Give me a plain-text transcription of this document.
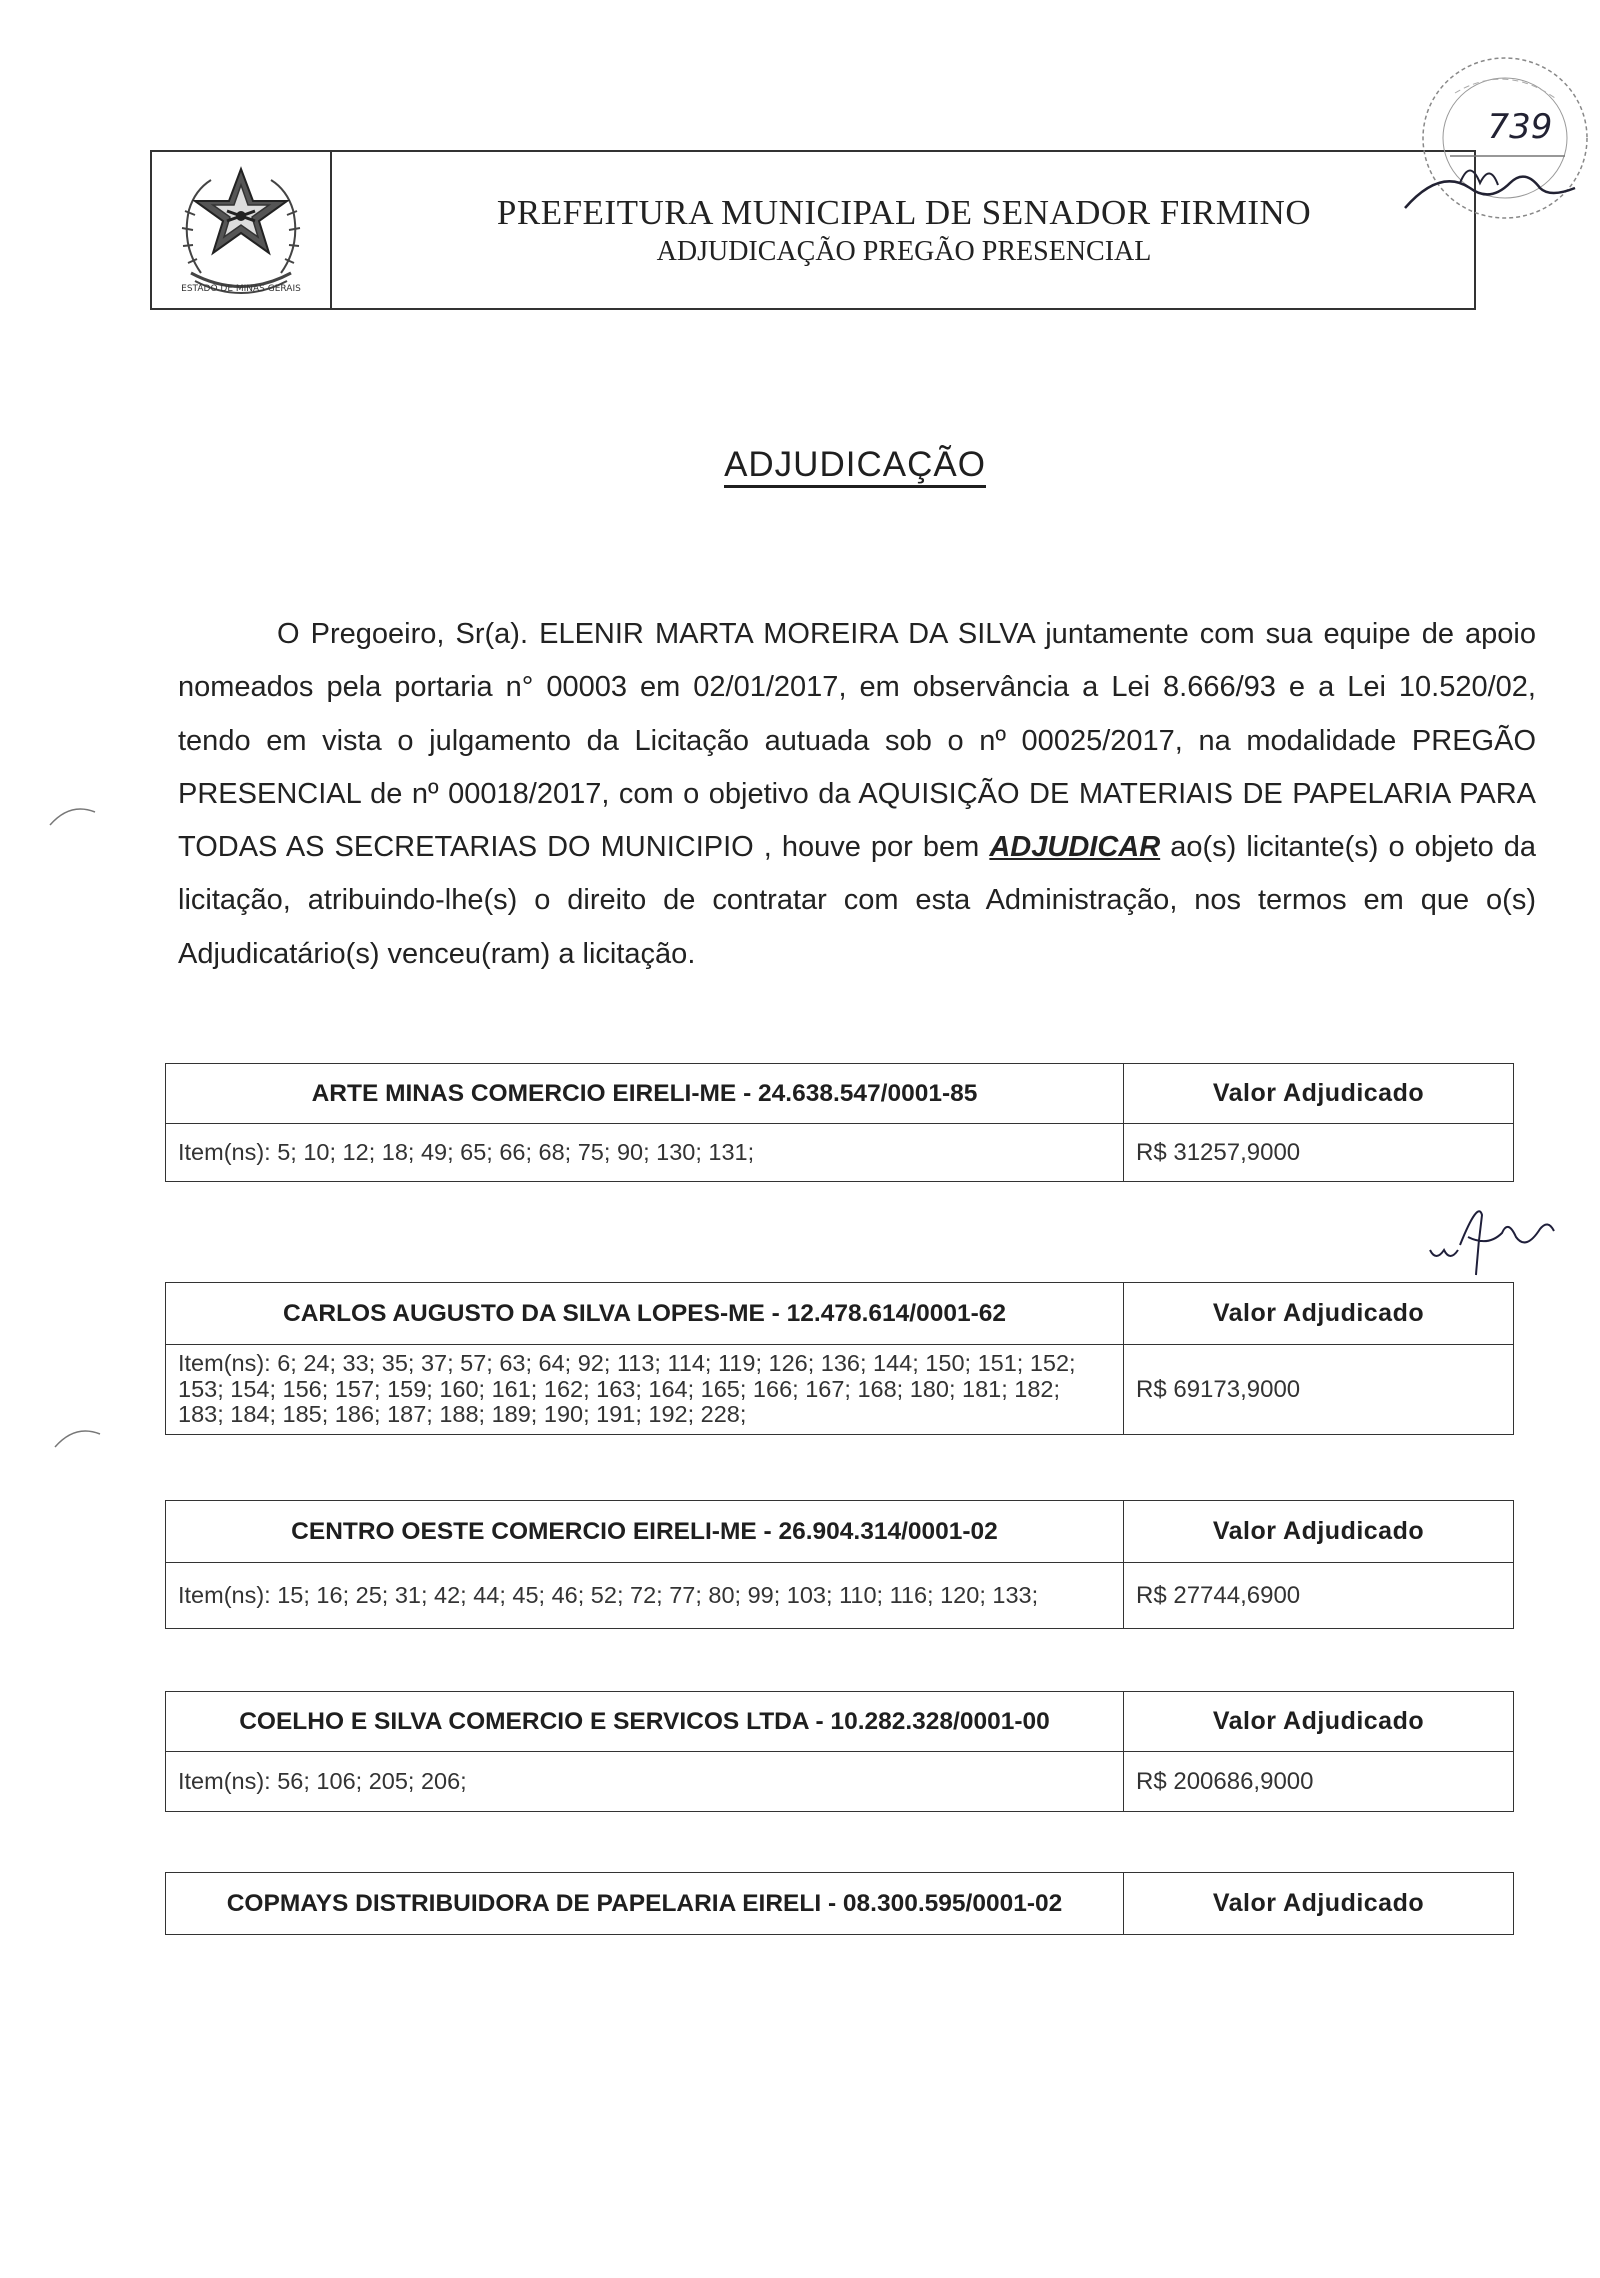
ESTADO DE MINAS GERAIS
PREFEITURA MUNICIPAL DE SENADOR FIRMINO
ADJUDICAÇÃO PREGÃO PRESENCIAL
739
ADJUDICAÇÃO
O Pregoeiro, Sr(a). ELENIR MARTA MOREIRA DA SILVA juntamente com sua equipe de apoio nomeados pela portaria n° 00003 em 02/01/2017, em observância a Lei 8.666/93 e a Lei 10.520/02, tendo em vista o julgamento da Licitação autuada sob o nº 00025/2017, na modalidade PREGÃO PRESENCIAL de nº 00018/2017, com o objetivo da AQUISIÇÃO DE MATERIAIS DE PAPELARIA PARA TODAS AS SECRETARIAS DO MUNICIPIO , houve por bem ADJUDICAR ao(s) licitante(s) o objeto da licitação, atribuindo-lhe(s) o direito de contratar com esta Administração, nos termos em que o(s) Adjudicatário(s) venceu(ram) a licitação.
ARTE MINAS COMERCIO EIRELI-ME - 24.638.547/0001-85	Valor Adjudicado
Item(ns): 5; 10; 12; 18; 49; 65; 66; 68; 75; 90; 130; 131;	R$ 31257,9000
CARLOS AUGUSTO DA SILVA LOPES-ME - 12.478.614/0001-62	Valor Adjudicado
Item(ns): 6; 24; 33; 35; 37; 57; 63; 64; 92; 113; 114; 119; 126; 136; 144; 150; 151; 152; 153; 154; 156; 157; 159; 160; 161; 162; 163; 164; 165; 166; 167; 168; 180; 181; 182; 183; 184; 185; 186; 187; 188; 189; 190; 191; 192; 228;	R$ 69173,9000
CENTRO OESTE COMERCIO EIRELI-ME - 26.904.314/0001-02	Valor Adjudicado
Item(ns): 15; 16; 25; 31; 42; 44; 45; 46; 52; 72; 77; 80; 99; 103; 110; 116; 120; 133;	R$ 27744,6900
COELHO E SILVA COMERCIO E SERVICOS LTDA - 10.282.328/0001-00	Valor Adjudicado
Item(ns): 56; 106; 205; 206;	R$ 200686,9000
COPMAYS DISTRIBUIDORA DE PAPELARIA EIRELI - 08.300.595/0001-02	Valor Adjudicado
